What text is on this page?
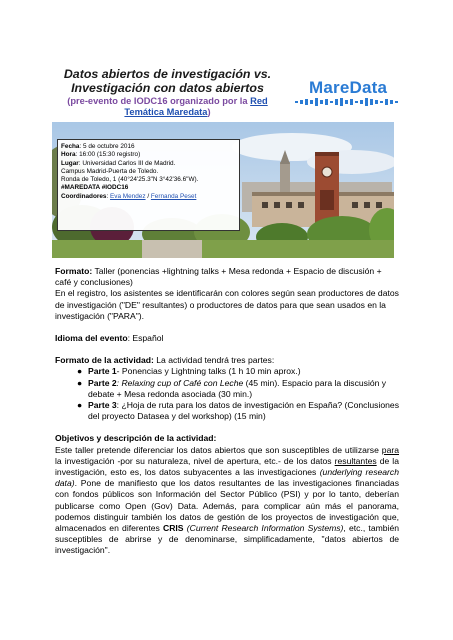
Datos abiertos de investigación vs.
Investigación con datos abiertos
(pre-evento de IODC16 organizado por la Red Temática Maredata)
MareData
Fecha: 5 de octubre 2016
Hora: 16:00 (15:30 registro)
Lugar: Universidad Carlos III de Madrid.
Campus Madrid-Puerta de Toledo.
Ronda de Toledo, 1 (40°24'25.3"N 3°42'36.6"W).
#MAREDATA #IODC16
Coordinadores: Eva Mendez / Fernanda Peset

Formato: Taller (ponencias +lightning talks + Mesa redonda + Espacio de discusión + café y conclusiones)

En el registro, los asistentes se identificarán con colores según sean productores de datos de investigación ("DE" resultantes) o productores de datos para que sean usados en la investigación ("PARA").

Idioma del evento: Español

Formato de la actividad: La actividad tendrá tres partes:

● Parte 1- Ponencias y Lightning talks (1 h 10 min aprox.)
● Parte 2: Relaxing cup of Café con Leche (45 min). Espacio para la discusión y debate + Mesa redonda asociada (30 min.)
● Parte 3: ¿Hoja de ruta para los datos de investigación en España? (Conclusiones del proyecto Datasea y del workshop) (15 min)

Objetivos y descripción de la actividad:

Este taller pretende diferenciar los datos abiertos que son susceptibles de utilizarse para la investigación -por su naturaleza, nivel de apertura, etc.- de los datos resultantes de la investigación, esto es, los datos subyacentes a las investigaciones (underlying research data). Pone de manifiesto que los datos resultantes de las investigaciones financiadas con fondos públicos son Información del Sector Público (PSI) y por lo tanto, deberían publicarse como Open (Gov) Data. Además, para complicar aún más el panorama, podemos distinguir también los datos de gestión de los proyectos de investigación que, almacenados en diferentes CRIS (Current Research Information Systems), etc., también susceptibles de abrirse y de denominarse, simplificadamente, "datos abiertos de investigación".
